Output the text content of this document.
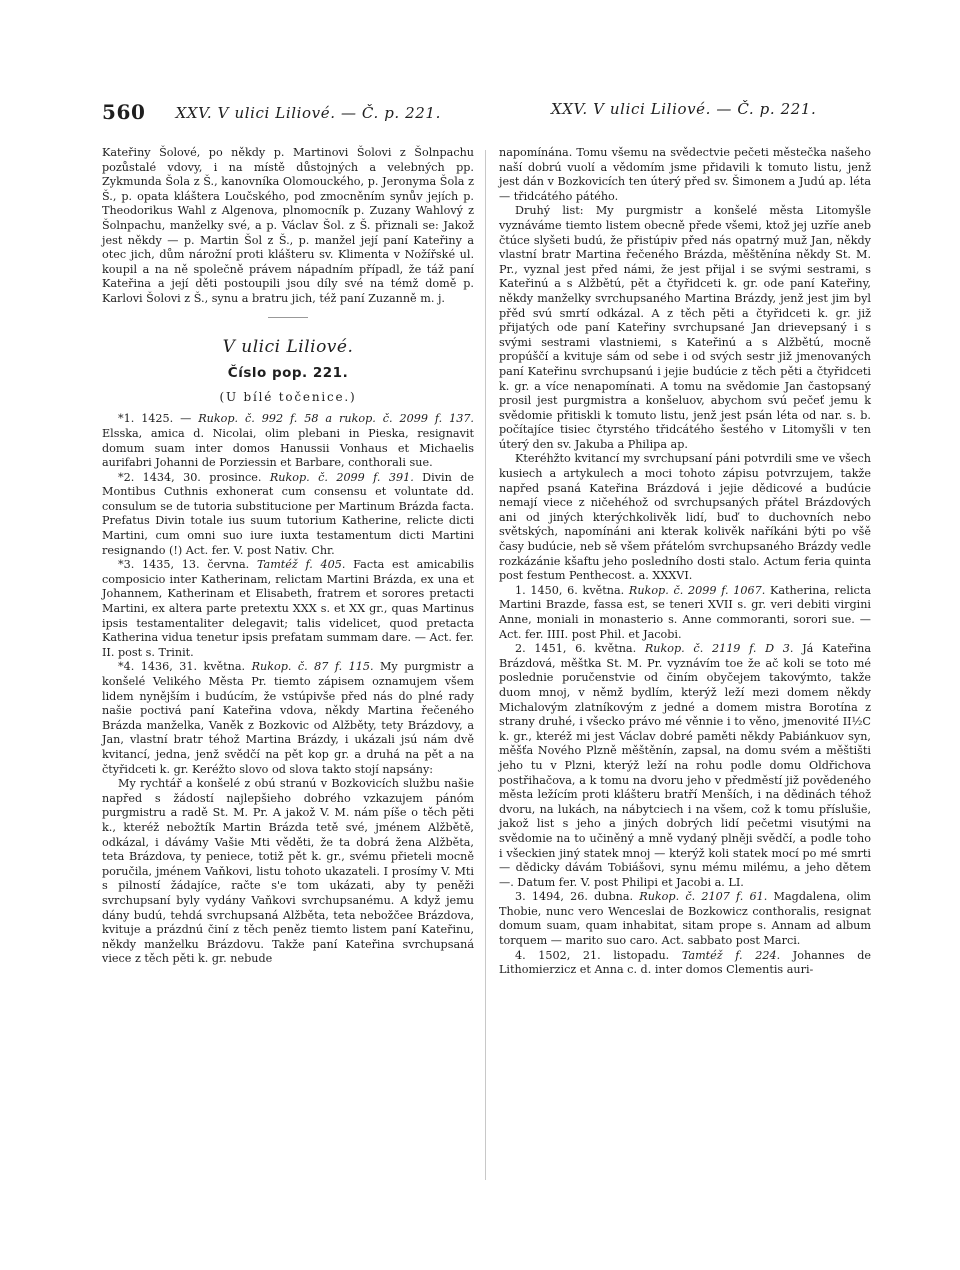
560 XXV. V ulici Liliové. — Č. p. 221.	XXV. V ulici Liliové. — Č. p. 221.

Kateřiny Šolové, po někdy p. Martinovi Šolovi z Šolnpachu pozůstalé vdovy, i na místě důstojných a velebných pp. Zykmunda Šola z Š., kanovníka Olomouckého, p. Jeronyma Šola z Š., p. opata kláštera Loučského, pod zmocněním synův jejích p. Theodorikus Wahl z Algenova, plnomocník p. Zuzany Wahlový z Šolnpachu, manželky své, a p. Václav Šol. z Š. přiznali se: Jakož jest někdy — p. Martin Šol z Š., p. manžel její paní Kateřiny a otec jich, dům nárožní proti klášteru sv. Klimenta v Nožířské ul. koupil a na ně společně právem nápadním případl, že táž paní Kateřina a její děti postoupili jsou díly své na témž domě p. Karlovi Šolovi z Š., synu a bratru jich, též paní Zuzanně m. j.

V ulici Liliové.

Číslo pop. 221.

(U bílé točenice.)

*1. 1425. — Rukop. č. 992 f. 58 a rukop. č. 2099 f. 137. Elsska, amica d. Nicolai, olim plebani in Pieska, resignavit domum suam inter domos Hanussii Vonhaus et Michaelis aurifabri Johanni de Porziessin et Barbare, conthorali sue.

*2. 1434, 30. prosince. Rukop. č. 2099 f. 391. Divin de Montibus Cuthnis exhonerat cum consensu et voluntate dd. consulum se de tutoria substitucione per Martinum Brázda facta. Prefatus Divin totale ius suum tutorium Katherine, relicte dicti Martini, cum omni suo iure iuxta testamentum dicti Martini resignando (!) Act. fer. V. post Nativ. Chr.

*3. 1435, 13. června. Tamtéž f. 405. Facta est amicabilis composicio inter Katherinam, relictam Martini Brázda, ex una et Johannem, Katherinam et Elisabeth, fratrem et sorores pretacti Martini, ex altera parte pretextu XXX s. et XX gr., quas Martinus ipsis testamentaliter delegavit; talis videlicet, quod pretacta Katherina vidua tenetur ipsis prefatam summam dare. — Act. fer. II. post s. Trinit.

*4. 1436, 31. května. Rukop. č. 87 f. 115. My purgmistr a konšelé Velikého Města Pr. tiemto zápisem oznamujem všem lidem nynějším i budúcím, že vstúpivše před nás do plné rady našie poctivá paní Kateřina vdova, někdy Martina řečeného Brázda manželka, Vaněk z Bozkovic od Alžběty, tety Brázdovy, a Jan, vlastní bratr téhož Martina Brázdy, i ukázali jsú nám dvě kvitancí, jedna, jenž svědčí na pět kop gr. a druhá na pět a na čtyřidceti k. gr. Keréžto slovo od slova takto stojí napsány:

My rychtář a konšelé z obú stranú v Bozkovicích službu našie napřed s žádostí najlepšieho dobrého vzkazujem pánóm purgmistru a radě St. M. Pr. A jakož V. M. nám píše o těch pěti k., kteréž nebožtík Martin Brázda tetě své, jménem Alžbětě, odkázal, i dávámy Vašie Mti věděti, že ta dobrá žena Alžběta, teta Brázdova, ty peniece, totiž pět k. gr., svému přieteli mocně poručila, jménem Vaňkovi, listu tohoto ukazateli. I prosímy V. Mti s pilností žádajíce, račte s'e tom ukázati, aby ty peněži svrchupsaní byly vydány Vaňkovi svrchupsanému. A když jemu dány budú, tehdá svrchupsaná Alžběta, teta nebožčee Brázdova, kvituje a prázdnú činí z těch peněz tiemto listem paní Kateřinu, někdy manželku Brázdovu. Takže paní Kateřina svrchupsaná viece z těch pěti k. gr. nebude

napomínána. Tomu všemu na svědectvie pečeti městečka našeho naší dobrú vuolí a vědomím jsme přidavili k tomuto listu, jenž jest dán v Bozkovicích ten úterý před sv. Šimonem a Judú ap. léta — třidcátého pátého.

Druhý list: My purgmistr a konšelé města Litomyšle vyznáváme tiemto listem obecně přede všemi, ktož jej uzříe aneb čtúce slyšeti budú, že přistúpiv před nás opatrný muž Jan, někdy vlastní bratr Martina řečeného Brázda, měštěnína někdy St. M. Pr., vyznal jest před námi, že jest přijal i se svými sestrami, s Kateřinú a s Alžbětú, pět a čtyřidceti k. gr. ode paní Kateřiny, někdy manželky svrchupsaného Martina Brázdy, jenž jest jim byl přěd svú smrtí odkázal. A z těch pěti a čtyřidceti k. gr. již přijatých ode paní Kateřiny svrchupsané Jan drievepsaný i s svými sestrami vlastniemi, s Kateřinú a s Alžbětú, mocně propúščí a kvituje sám od sebe i od svých sestr již jmenovaných paní Kateřinu svrchupsanú i jejie budúcie z těch pěti a čtyřidceti k. gr. a více nenapomínati. A tomu na svědomie Jan častopsaný prosil jest purgmistra a konšeluov, abychom svú pečeť jemu k svědomie přitiskli k tomuto listu, jenž jest psán léta od nar. s. b. počítajíce tisiec čtyrstého třidcátého šestého v Litomyšli v ten úterý den sv. Jakuba a Philipa ap.

Kteréhžto kvitancí my svrchupsaní páni potvrdili sme ve všech kusiech a artykulech a moci tohoto zápisu potvrzujem, takže napřed psaná Kateřina Brázdová i jejie dědicové a budúcie nemají viece z ničehéhož od svrchupsaných přátel Brázdových ani od jiných kterýchkolivěk lidí, buď to duchovních nebo světských, napomínáni ani kterak kolivěk naříkáni býti po všě časy budúcie, neb sě všem přátelóm svrchupsaného Brázdy vedle rozkázánie kšaftu jeho posledního dosti stalo. Actum feria quinta post festum Penthecost. a. XXXVI.

1. 1450, 6. května. Rukop. č. 2099 f. 1067. Katherina, relicta Martini Brazde, fassa est, se teneri XVII s. gr. veri debiti virgini Anne, moniali in monasterio s. Anne commoranti, sorori sue. — Act. fer. IIII. post Phil. et Jacobi.

2. 1451, 6. května. Rukop. č. 2119 f. D 3. Já Kateřina Brázdová, měštka St. M. Pr. vyznávím toe že ač koli se toto mé poslednie poručenstvie od činím obyčejem takovýmto, takže duom mnoj, v němž bydlím, kterýž leží mezi domem někdy Michalovým zlatníkovým z jedné a domem mistra Borotína z strany druhé, i všecko právo mé věnnie i to věno, jmenovité II½C k. gr., kteréž mi jest Václav dobré paměti někdy Pabiánkuov syn, měšťa Nového Plzně měštěnín, zapsal, na domu svém a měštišti jeho tu v Plzni, kterýž leží na rohu podle domu Oldřichova postřihačova, a k tomu na dvoru jeho v předměstí již povědeného města ležícím proti klášteru bratří Menších, i na dědinách téhož dvoru, na lukách, na nábytciech i na všem, což k tomu příslušie, jakož list s jeho a jiných dobrých lidí pečetmi visutými na svědomie na to učiněný a mně vydaný plněji svědčí, a podle toho i všeckien jiný statek mnoj — kterýž koli statek mocí po mé smrti — dědicky dávám Tobiášovi, synu mému milému, a jeho dětem —. Datum fer. V. post Philipi et Jacobi a. LI.

3. 1494, 26. dubna. Rukop. č. 2107 f. 61. Magdalena, olim Thobie, nunc vero Wenceslai de Bozkowicz conthoralis, resignat domum suam, quam inhabitat, sitam prope s. Annam ad album torquem — marito suo caro. Act. sabbato post Marci.

4. 1502, 21. listopadu. Tamtéž f. 224. Johannes de Lithomierzicz et Anna c. d. inter domos Clementis auri-
